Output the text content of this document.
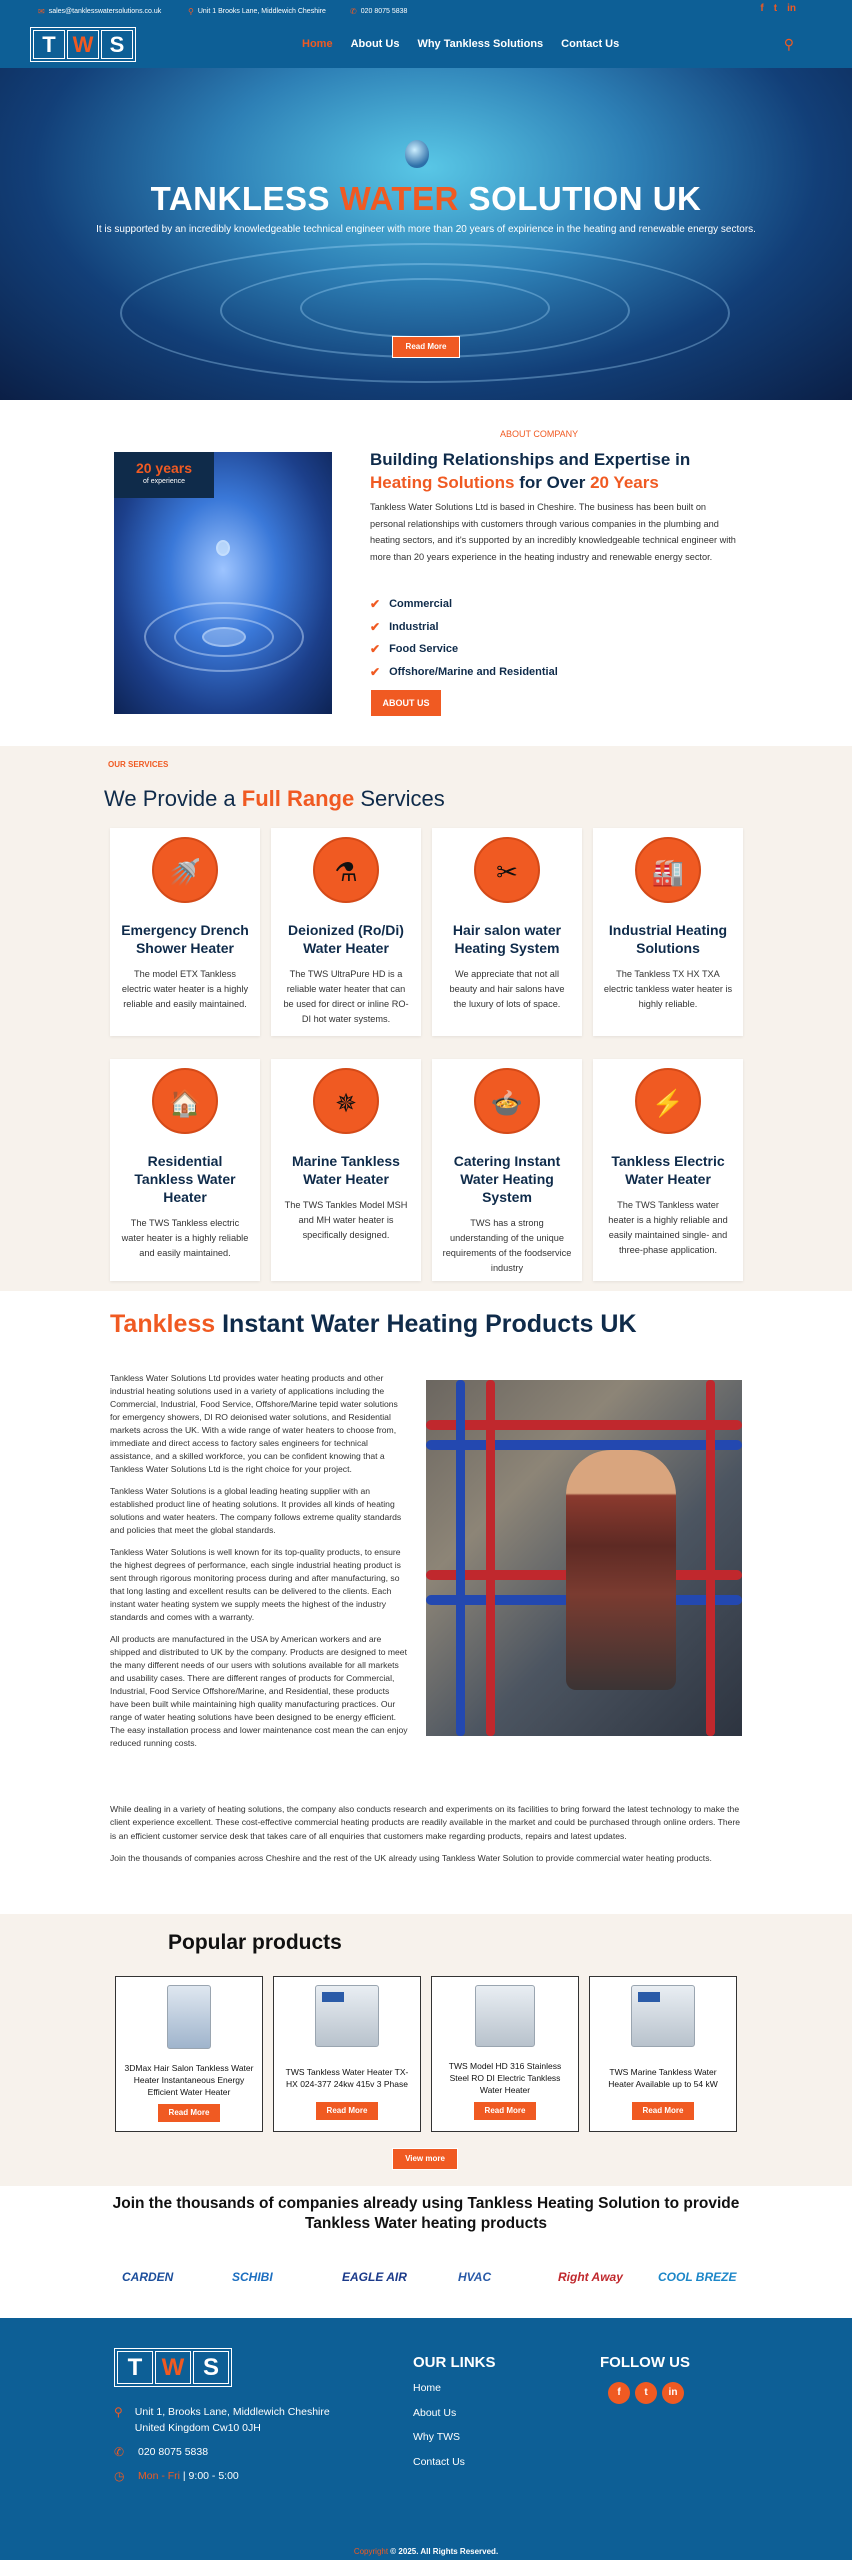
✉ sales@tanklesswatersolutions.co.uk	⚲ Unit 1 Brooks Lane, Middlewich Cheshire	✆ 020 8075 5838	f t in
T W S	Home About Us Why Tankless Solutions Contact Us	⚲
TANKLESS WATER SOLUTION UK

It is supported by an incredibly knowledgeable technical engineer with more than 20 years of expirience in the heating and renewable energy sectors.

Read More
20 years
of experience
ABOUT COMPANY
Building Relationships and Expertise in Heating Solutions for Over 20 Years
Tankless Water Solutions Ltd is based in Cheshire. The business has been built on personal relationships with customers through various companies in the plumbing and heating sectors, and it's supported by an incredibly knowledgeable technical engineer with more than 20 years experience in the heating industry and renewable energy sector.
✔ Commercial
✔ Industrial
✔ Food Service
✔ Offshore/Marine and Residential
ABOUT US
OUR SERVICES
We Provide a Full Range Services
🚿
Emergency Drench Shower Heater

The model ETX Tankless electric water heater is a highly reliable and easily maintained.

⚗
Deionized (Ro/Di) Water Heater

The TWS UltraPure HD is a reliable water heater that can be used for direct or inline RO-DI hot water systems.

✂
Hair salon water Heating System

We appreciate that not all beauty and hair salons have the luxury of lots of space.

🏭
Industrial Heating Solutions

The Tankless TX HX TXA electric tankless water heater is highly reliable.

🏠
Residential Tankless Water Heater

The TWS Tankless electric water heater is a highly reliable and easily maintained.

✵
Marine Tankless Water Heater

The TWS Tankles Model MSH and MH water heater is specifically designed.

🍲
Catering Instant Water Heating System

TWS has a strong understanding of the unique requirements of the foodservice industry

⚡
Tankless Electric Water Heater

The TWS Tankless water heater is a highly reliable and easily maintained single- and three-phase application.

Tankless Instant Water Heating Products UK

Tankless Water Solutions Ltd provides water heating products and other industrial heating solutions used in a variety of applications including the Commercial, Industrial, Food Service, Offshore/Marine tepid water solutions for emergency showers, DI RO deionised water solutions, and Residential markets across the UK. With a wide range of water heaters to choose from, immediate and direct access to factory sales engineers for technical assistance, and a skilled workforce, you can be confident knowing that a Tankless Water Solutions Ltd is the right choice for your project.

Tankless Water Solutions is a global leading heating supplier with an established product line of heating solutions. It provides all kinds of heating solutions and water heaters. The company follows extreme quality standards and policies that meet the global standards.

Tankless Water Solutions is well known for its top-quality products, to ensure the highest degrees of performance, each single industrial heating product is sent through rigorous monitoring process during and after manufacturing, so that long lasting and excellent results can be delivered to the clients. Each instant water heating system we supply meets the highest of the industry standards and comes with a warranty.

All products are manufactured in the USA by American workers and are shipped and distributed to UK by the company. Products are designed to meet the many different needs of our users with solutions available for all markets and usability cases. There are different ranges of products for Commercial, Industrial, Food Service Offshore/Marine, and Residential, these products have been built while maintaining high quality manufacturing practices. Our range of water heating solutions have been designed to be energy efficient. The easy installation process and lower maintenance cost mean the can enjoy reduced running costs.

While dealing in a variety of heating solutions, the company also conducts research and experiments on its facilities to bring forward the latest technology to make the client experience excellent. These cost-effective commercial heating products are readily available in the market and could be purchased through online orders. There is an efficient customer service desk that takes care of all enquiries that customers make regarding products, repairs and latest updates.

Join the thousands of companies across Cheshire and the rest of the UK already using Tankless Water Solution to provide commercial water heating products.

Popular products
3DMax Hair Salon Tankless Water Heater Instantaneous Energy Efficient Water Heater
Read More
TWS Tankless Water Heater TX-HX 024-377 24kw 415v 3 Phase
Read More
TWS Model HD 316 Stainless Steel RO DI Electric Tankless Water Heater
Read More
TWS Marine Tankless Water Heater Available up to 54 kW
Read More
View more
Join the thousands of companies already using Tankless Heating Solution to provide Tankless Water heating products
CARDEN	SCHIBI	EAGLE AIR	HVAC	Right Away	COOL BREZE
T W S
⚲ Unit 1, Brooks Lane, Middlewich Cheshire United Kingdom Cw10 0JH
✆ 020 8075 5838
◷ Mon - Fri | 9:00 - 5:00
OUR LINKS
Home
About Us
Why TWS
Contact Us
FOLLOW US
f	t	in
Copyright © 2025. All Rights Reserved.
